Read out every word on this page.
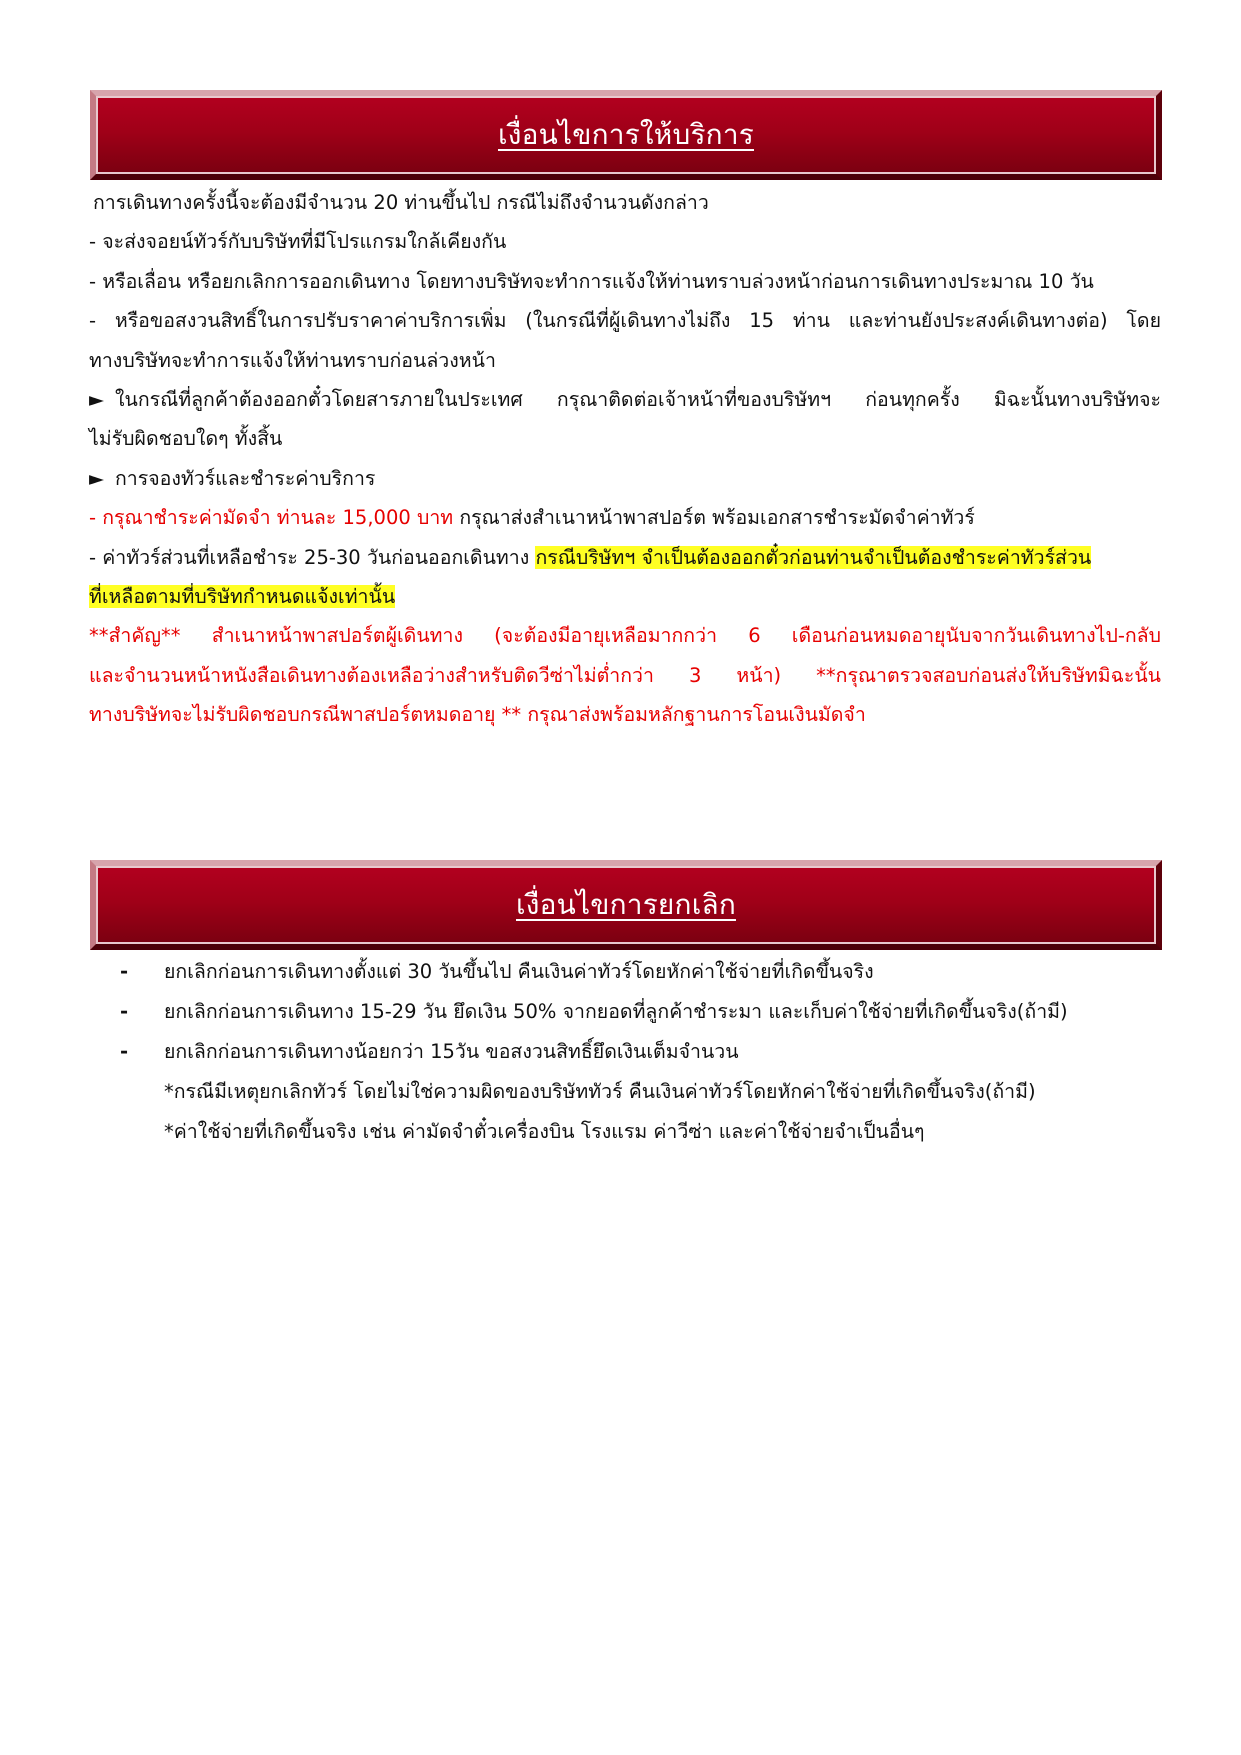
เงื่อนไขการให้บริการ
การเดินทางครั้งนี้จะต้องมีจำนวน 20 ท่านขึ้นไป กรณีไม่ถึงจำนวนดังกล่าว
- จะส่งจอยน์ทัวร์กับบริษัทที่มีโปรแกรมใกล้เคียงกัน
- หรือเลื่อน หรือยกเลิกการออกเดินทาง โดยทางบริษัทจะทำการแจ้งให้ท่านทราบล่วงหน้าก่อนการเดินทางประมาณ 10 วัน
- หรือขอสงวนสิทธิ์ในการปรับราคาค่าบริการเพิ่ม (ในกรณีที่ผู้เดินทางไม่ถึง 15 ท่าน และท่านยังประสงค์เดินทางต่อ) โดย
ทางบริษัทจะทำการแจ้งให้ท่านทราบก่อนล่วงหน้า
► ในกรณีที่ลูกค้าต้องออกตั๋วโดยสารภายในประเทศ กรุณาติดต่อเจ้าหน้าที่ของบริษัทฯ ก่อนทุกครั้ง มิฉะนั้นทางบริษัทจะ
ไม่รับผิดชอบใดๆ ทั้งสิ้น
► การจองทัวร์และชำระค่าบริการ
- กรุณาชำระค่ามัดจำ ท่านละ 15,000 บาท กรุณาส่งสำเนาหน้าพาสปอร์ต พร้อมเอกสารชำระมัดจำค่าทัวร์
- ค่าทัวร์ส่วนที่เหลือชำระ 25-30 วันก่อนออกเดินทาง กรณีบริษัทฯ จำเป็นต้องออกตั๋วก่อนท่านจำเป็นต้องชำระค่าทัวร์ส่วน
ที่เหลือตามที่บริษัทกำหนดแจ้งเท่านั้น
**สำคัญ** สำเนาหน้าพาสปอร์ตผู้เดินทาง (จะต้องมีอายุเหลือมากกว่า 6 เดือนก่อนหมดอายุนับจากวันเดินทางไป-กลับ
และจำนวนหน้าหนังสือเดินทางต้องเหลือว่างสำหรับติดวีซ่าไม่ต่ำกว่า 3 หน้า) **กรุณาตรวจสอบก่อนส่งให้บริษัทมิฉะนั้น
ทางบริษัทจะไม่รับผิดชอบกรณีพาสปอร์ตหมดอายุ ** กรุณาส่งพร้อมหลักฐานการโอนเงินมัดจำ
เงื่อนไขการยกเลิก
-	ยกเลิกก่อนการเดินทางตั้งแต่ 30 วันขึ้นไป คืนเงินค่าทัวร์โดยหักค่าใช้จ่ายที่เกิดขึ้นจริง
-	ยกเลิกก่อนการเดินทาง 15-29 วัน ยึดเงิน 50% จากยอดที่ลูกค้าชำระมา และเก็บค่าใช้จ่ายที่เกิดขึ้นจริง(ถ้ามี)
-	ยกเลิกก่อนการเดินทางน้อยกว่า 15วัน ขอสงวนสิทธิ์ยึดเงินเต็มจำนวน
*กรณีมีเหตุยกเลิกทัวร์ โดยไม่ใช่ความผิดของบริษัททัวร์ คืนเงินค่าทัวร์โดยหักค่าใช้จ่ายที่เกิดขึ้นจริง(ถ้ามี)
*ค่าใช้จ่ายที่เกิดขึ้นจริง เช่น ค่ามัดจำตั๋วเครื่องบิน โรงแรม ค่าวีซ่า และค่าใช้จ่ายจำเป็นอื่นๆ
